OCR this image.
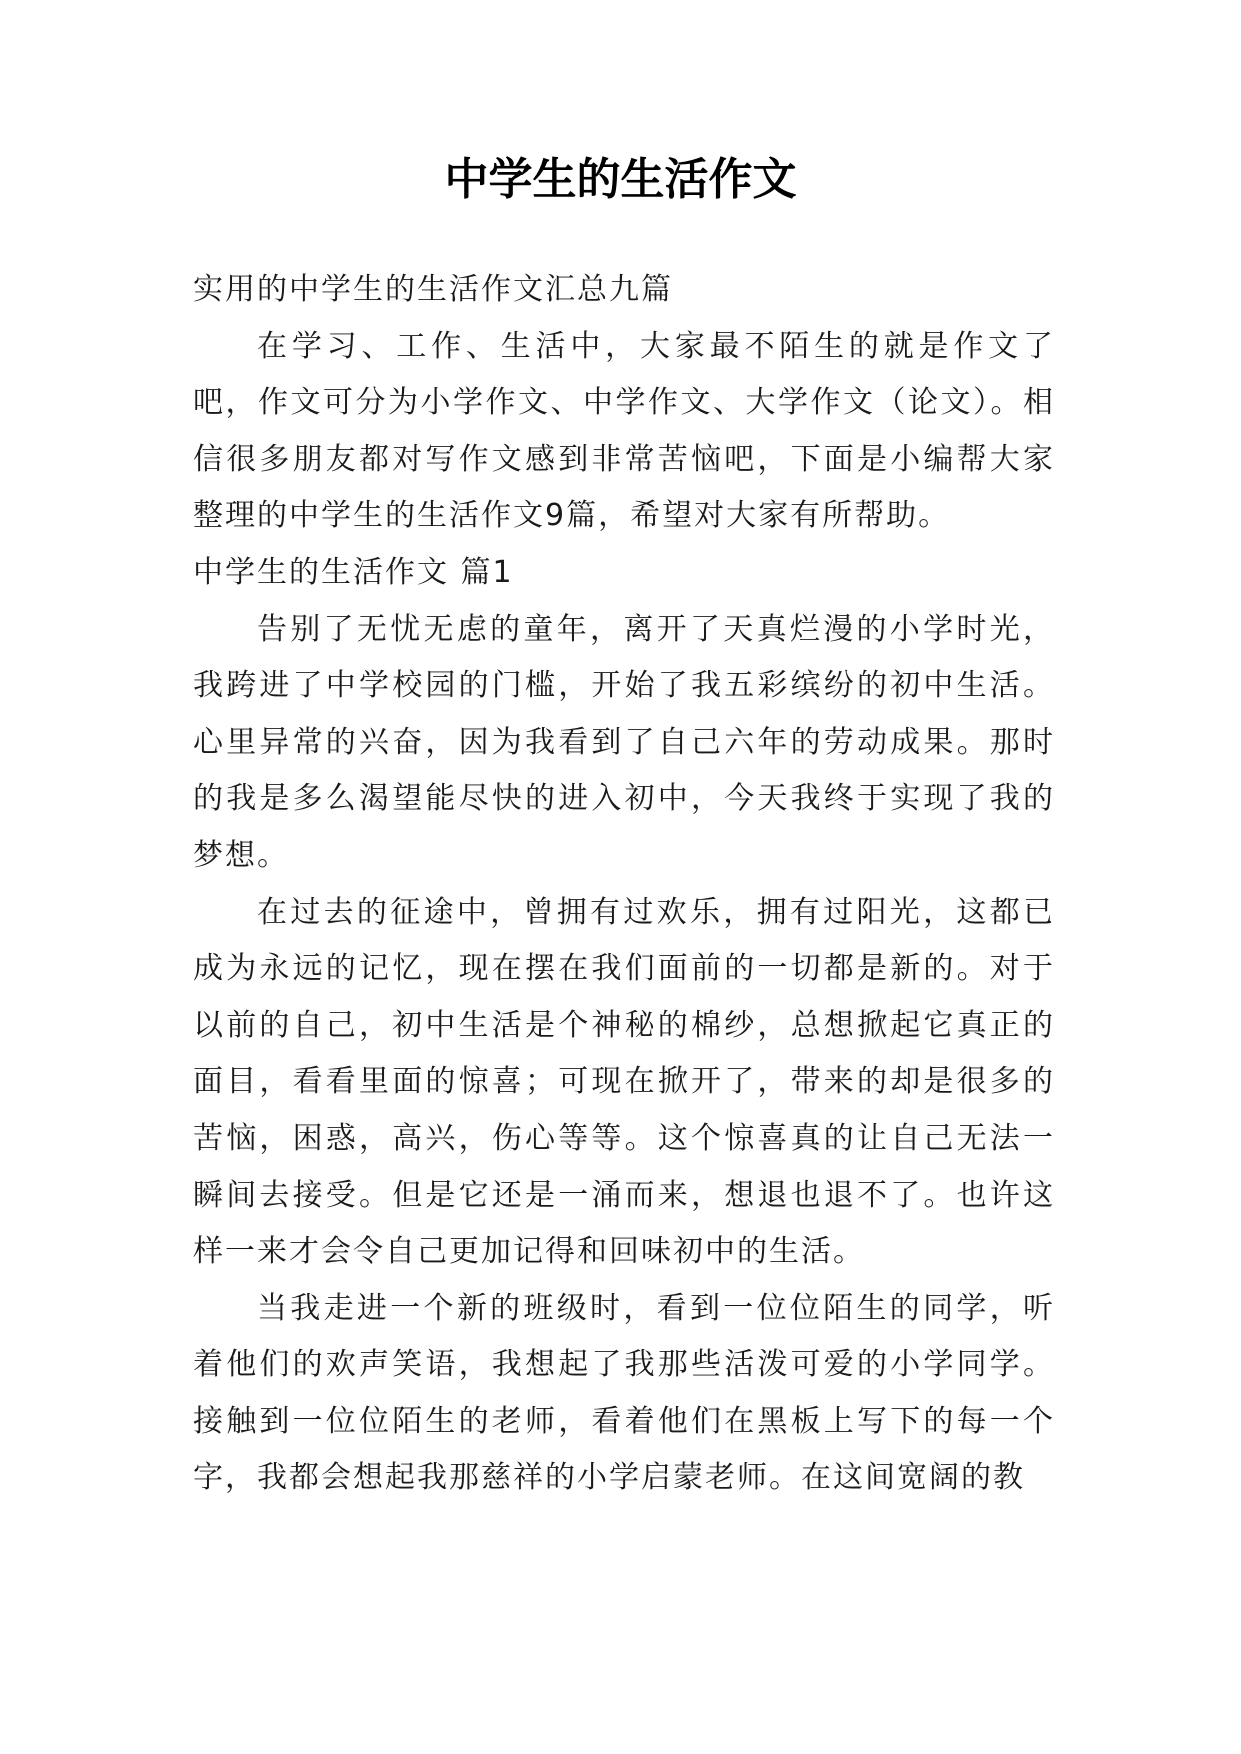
中学生的生活作文

实用的中学生的生活作文汇总九篇

在学习、工作、生活中，大家最不陌生的就是作文了吧，作文可分为小学作文、中学作文、大学作文（论文）。相信很多朋友都对写作文感到非常苦恼吧，下面是小编帮大家整理的中学生的生活作文9篇，希望对大家有所帮助。

中学生的生活作文 篇1

告别了无忧无虑的童年，离开了天真烂漫的小学时光，我跨进了中学校园的门槛，开始了我五彩缤纷的初中生活。心里异常的兴奋，因为我看到了自己六年的劳动成果。那时的我是多么渴望能尽快的进入初中，今天我终于实现了我的梦想。

在过去的征途中，曾拥有过欢乐，拥有过阳光，这都已成为永远的记忆，现在摆在我们面前的一切都是新的。对于以前的自己，初中生活是个神秘的棉纱，总想掀起它真正的面目，看看里面的惊喜；可现在掀开了，带来的却是很多的苦恼，困惑，高兴，伤心等等。这个惊喜真的让自己无法一瞬间去接受。但是它还是一涌而来，想退也退不了。也许这样一来才会令自己更加记得和回味初中的生活。

当我走进一个新的班级时，看到一位位陌生的同学，听着他们的欢声笑语，我想起了我那些活泼可爱的小学同学。接触到一位位陌生的老师，看着他们在黑板上写下的每一个字，我都会想起我那慈祥的小学启蒙老师。在这间宽阔的教
